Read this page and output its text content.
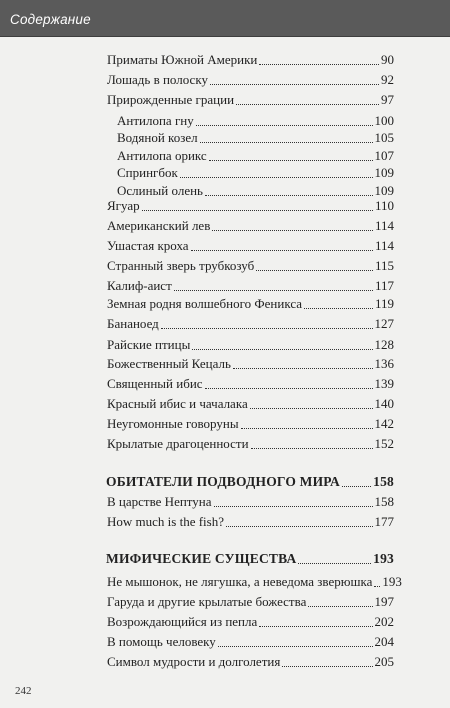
Содержание
Приматы Южной Америки	90
Лошадь в полоску	92
Прирожденные грации	97
Антилопа гну	100
Водяной козел	105
Антилопа орикс	107
Спрингбок	109
Ослиный олень	109
Ягуар	110
Американский лев	114
Ушастая кроха	114
Странный зверь трубкозуб	115
Калиф-аист	117
Земная родня волшебного Феникса	119
Бананоед	127
Райские птицы	128
Божественный Кецаль	136
Священный ибис	139
Красный ибис и чачалака	140
Неугомонные говоруны	142
Крылатые драгоценности	152
ОБИТАТЕЛИ ПОДВОДНОГО МИРА 158
В царстве Нептуна	158
How much is the fish?	177
МИФИЧЕСКИЕ СУЩЕСТВА	193
Не мышонок, не лягушка, а неведома зверюшка 193
Гаруда и другие крылатые божества	197
Возрождающийся из пепла	202
В помощь человеку	204
Символ мудрости и долголетия	205
242
